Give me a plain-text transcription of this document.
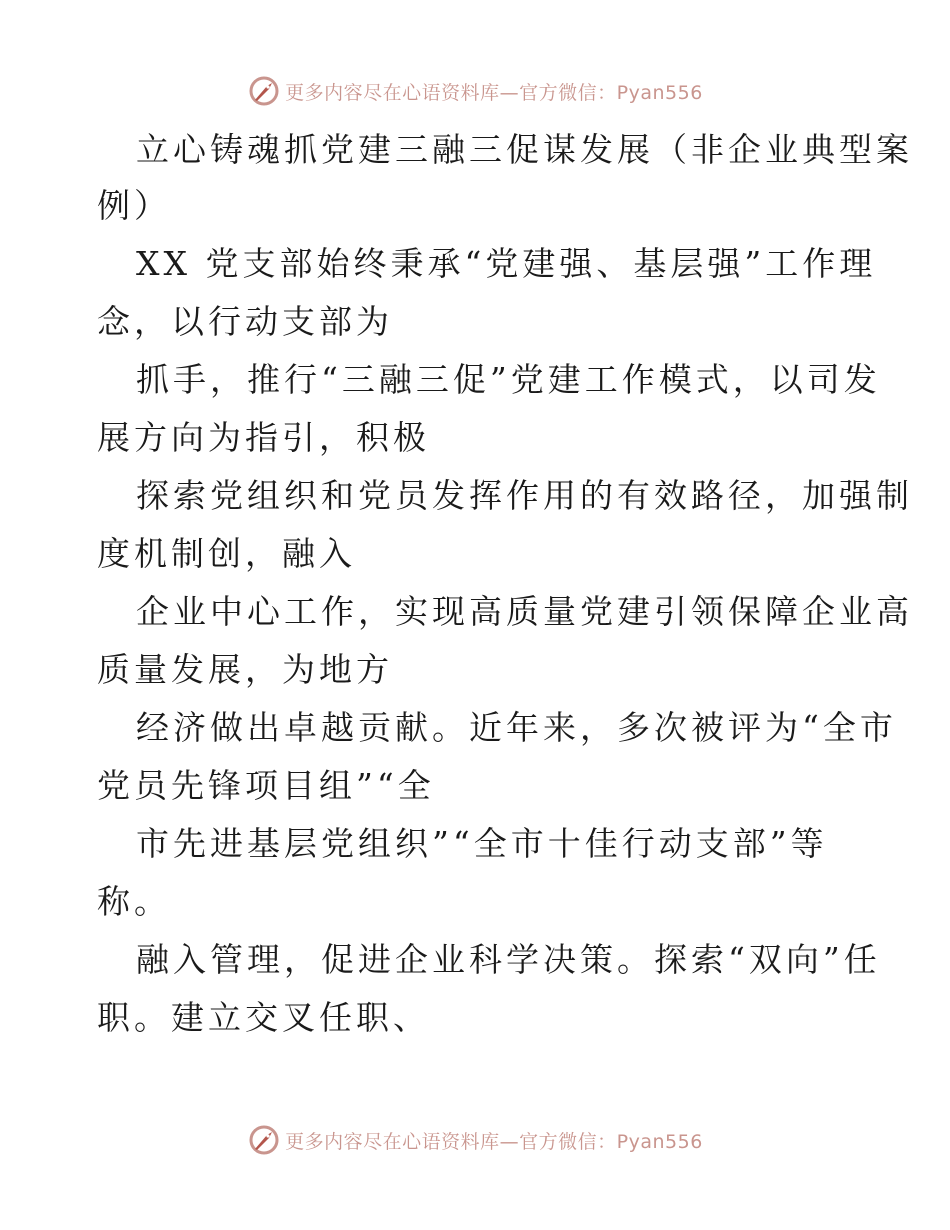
更多内容尽在心语资料库—官方微信：Pyan556
立心铸魂抓党建三融三促谋发展（非企业典型案
例）
XX 党支部始终秉承“党建强、基层强”工作理
念，以行动支部为
抓手，推行“三融三促”党建工作模式，以司发
展方向为指引，积极
探索党组织和党员发挥作用的有效路径，加强制
度机制创，融入
企业中心工作，实现高质量党建引领保障企业高
质量发展，为地方
经济做出卓越贡献。近年来，多次被评为“全市
党员先锋项目组”“全
市先进基层党组织”“全市十佳行动支部”等
称。
融入管理，促进企业科学决策。探索“双向”任
职。建立交叉任职、
更多内容尽在心语资料库—官方微信：Pyan556
